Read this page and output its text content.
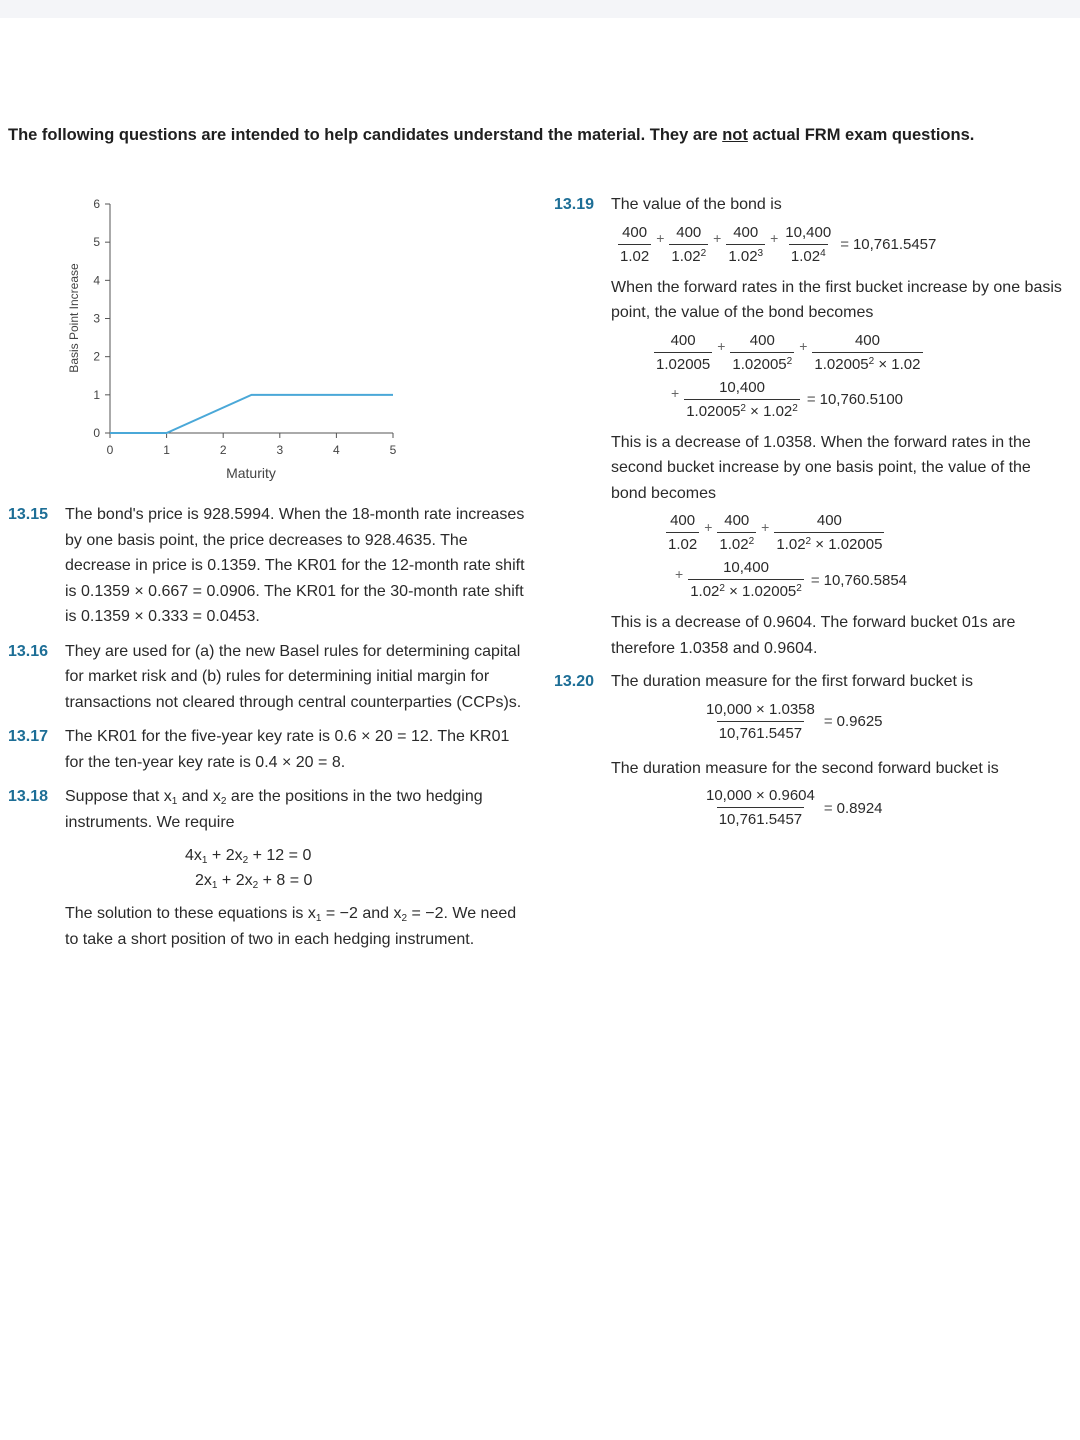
The following questions are intended to help candidates understand the material. They are not actual FRM exam questions.
0
1
2
3
4
5
6
0	1	2	3	4	5
Maturity
Basis Point Increase
13.15 The bond's price is 928.5994. When the 18-month rate increases by one basis point, the price decreases to 928.4635. The decrease in price is 0.1359. The KR01 for the 12-month rate shift is 0.1359 × 0.667 = 0.0906. The KR01 for the 30-month rate shift is 0.1359 × 0.333 = 0.0453.
13.16 They are used for (a) the new Basel rules for determining capital for market risk and (b) rules for determining initial margin for transactions not cleared through central counterparties (CCPs)s.
13.17 The KR01 for the five-year key rate is 0.6 × 20 = 12. The KR01 for the ten-year key rate is 0.4 × 20 = 8.
13.18 Suppose that $x_1$ and $x_2$ are the positions in the two hedging instruments. We require
$4x_1 + 2x_2 + 12 = 0$
$2x_1 + 2x_2 + 8 = 0$
The solution to these equations is $x_1 = -2$ and $x_2 = -2$. We need to take a short position of two in each hedging instrument.
13.19 The value of the bond is
$\frac{400}{1.02} + \frac{400}{1.02^2} + \frac{400}{1.02^3} + \frac{10,400}{1.02^4} = 10,761.5457$
When the forward rates in the first bucket increase by one basis point, the value of the bond becomes
$\frac{400}{1.02005} + \frac{400}{1.02005^2} + \frac{400}{1.02005^2 \times 1.02}$
+ $\frac{10,400}{1.02005^2 \times 1.02^2} = 10,760.5100$
This is a decrease of 1.0358. When the forward rates in the second bucket increase by one basis point, the value of the bond becomes
$\frac{400}{1.02} + \frac{400}{1.02^2} + \frac{400}{1.02^2 \times 1.02005}$
+ $\frac{10,400}{1.02^2 \times 1.02005^2} = 10,760.5854$
This is a decrease of 0.9604. The forward bucket 01s are therefore 1.0358 and 0.9604.
13.20 The duration measure for the first forward bucket is
$\frac{10,000 \times 1.0358}{10,761.5457} = 0.9625$
The duration measure for the second forward bucket is
$\frac{10,000 \times 0.9604}{10,761.5457} = 0.8924$
